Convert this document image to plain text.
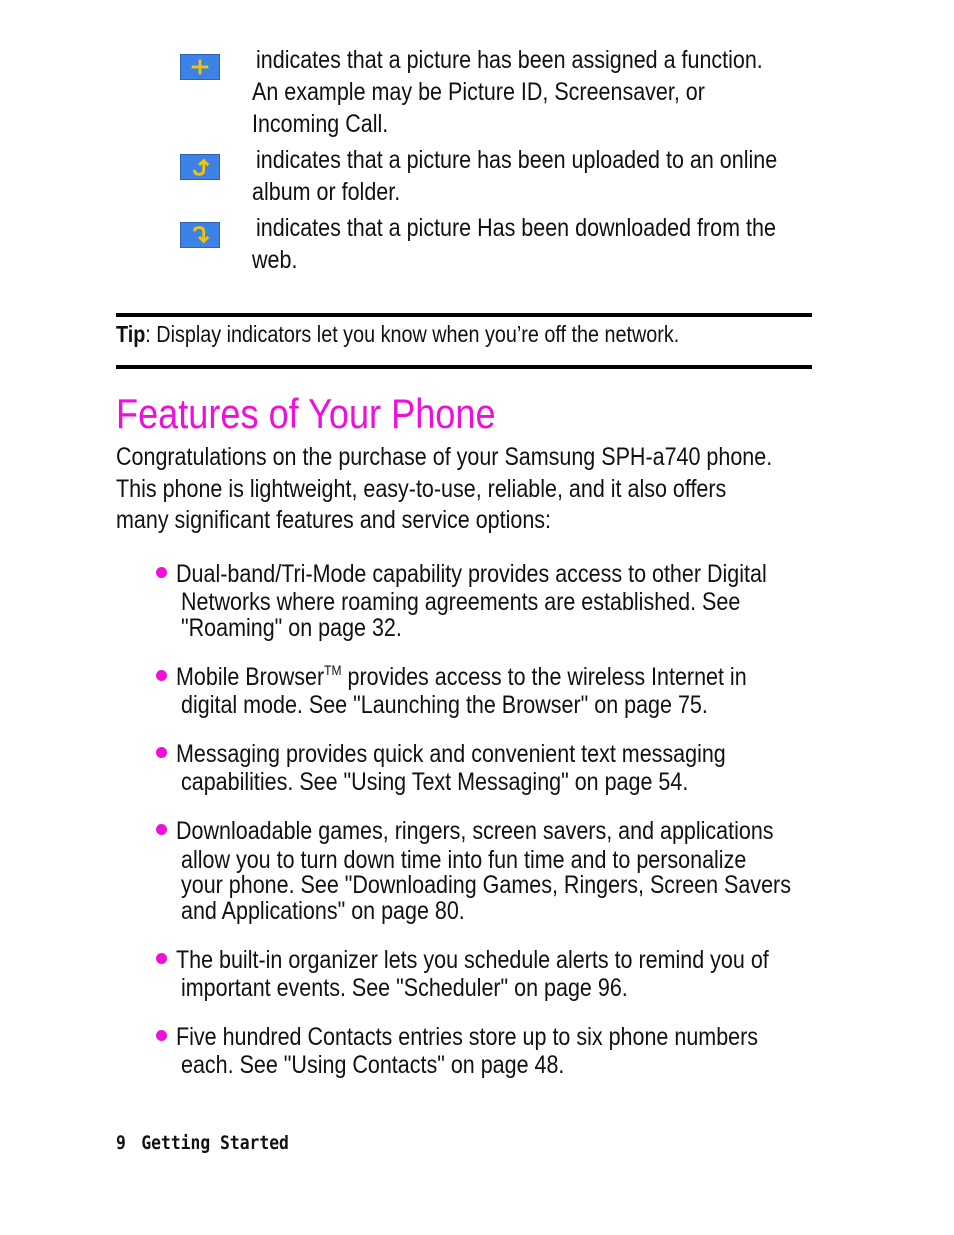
indicates that a picture has been assigned a function.
An example may be Picture ID, Screensaver, or
Incoming Call.
indicates that a picture has been uploaded to an online
album or folder.
indicates that a picture Has been downloaded from the
web.
Tip: Display indicators let you know when you’re off the network.
Features of Your Phone
Congratulations on the purchase of your Samsung SPH-a740 phone.
This phone is lightweight, easy-to-use, reliable, and it also offers
many significant features and service options:
Dual-band/Tri-Mode capability provides access to other Digital
Networks where roaming agreements are established. See
"Roaming" on page 32.
Mobile Browser™ provides access to the wireless Internet in
digital mode. See "Launching the Browser" on page 75.
Messaging provides quick and convenient text messaging
capabilities. See "Using Text Messaging" on page 54.
Downloadable games, ringers, screen savers, and applications
allow you to turn down time into fun time and to personalize
your phone. See "Downloading Games, Ringers, Screen Savers
and Applications" on page 80.
The built-in organizer lets you schedule alerts to remind you of
important events. See "Scheduler" on page 96.
Five hundred Contacts entries store up to six phone numbers
each. See "Using Contacts" on page 48.
9 Getting Started
